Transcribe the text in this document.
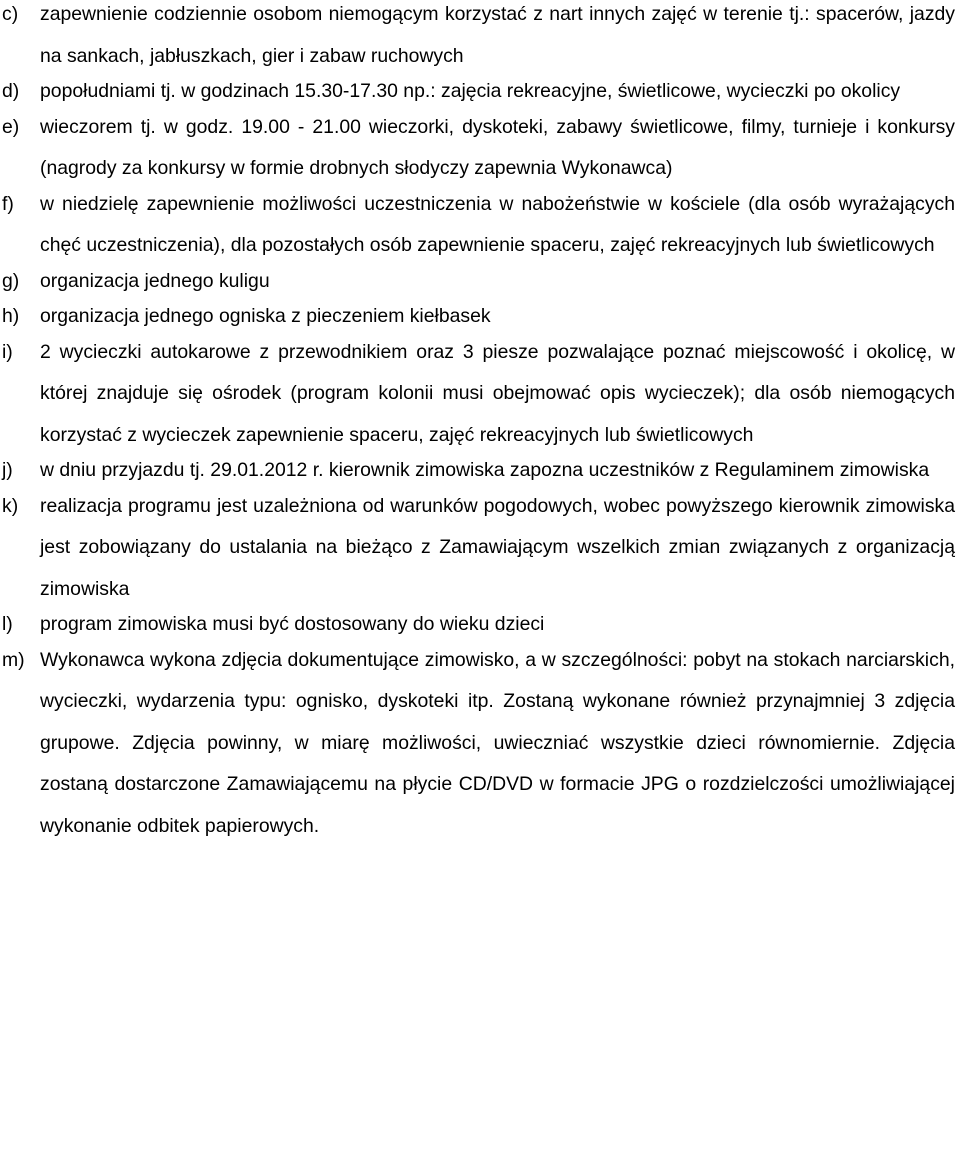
c)	zapewnienie codziennie osobom niemogącym korzystać z nart innych zajęć w terenie tj.: spacerów, jazdy na sankach, jabłuszkach, gier i zabaw ruchowych
d)	popołudniami tj. w godzinach 15.30-17.30 np.: zajęcia rekreacyjne, świetlicowe, wycieczki po okolicy
e)	wieczorem tj. w godz. 19.00 - 21.00 wieczorki, dyskoteki, zabawy świetlicowe, filmy, turnieje i konkursy (nagrody za konkursy w formie drobnych słodyczy zapewnia Wykonawca)
f)	w niedzielę zapewnienie możliwości uczestniczenia w nabożeństwie w kościele (dla osób wyrażających chęć uczestniczenia), dla pozostałych osób zapewnienie spaceru, zajęć rekreacyjnych lub świetlicowych
g)	organizacja jednego kuligu
h)	organizacja jednego ogniska z pieczeniem kiełbasek
i)	2 wycieczki autokarowe z przewodnikiem oraz 3 piesze pozwalające poznać miejscowość i okolicę, w której znajduje się ośrodek (program kolonii musi obejmować opis wycieczek); dla osób niemogących korzystać z wycieczek zapewnienie spaceru, zajęć rekreacyjnych lub świetlicowych
j)	w dniu przyjazdu tj. 29.01.2012 r. kierownik zimowiska zapozna uczestników z Regulaminem zimowiska
k)	realizacja programu jest uzależniona od warunków pogodowych, wobec powyższego kierownik zimowiska jest zobowiązany do ustalania na bieżąco z Zamawiającym wszelkich zmian związanych z organizacją zimowiska
l)	program zimowiska musi być dostosowany do wieku dzieci
m) Wykonawca wykona zdjęcia dokumentujące zimowisko, a w szczególności: pobyt na stokach narciarskich, wycieczki, wydarzenia typu: ognisko, dyskoteki itp. Zostaną wykonane również przynajmniej 3 zdjęcia grupowe. Zdjęcia powinny, w miarę możliwości, uwieczniać wszystkie dzieci równomiernie. Zdjęcia zostaną dostarczone Zamawiającemu na płycie CD/DVD w formacie JPG o rozdzielczości umożliwiającej wykonanie odbitek papierowych.
